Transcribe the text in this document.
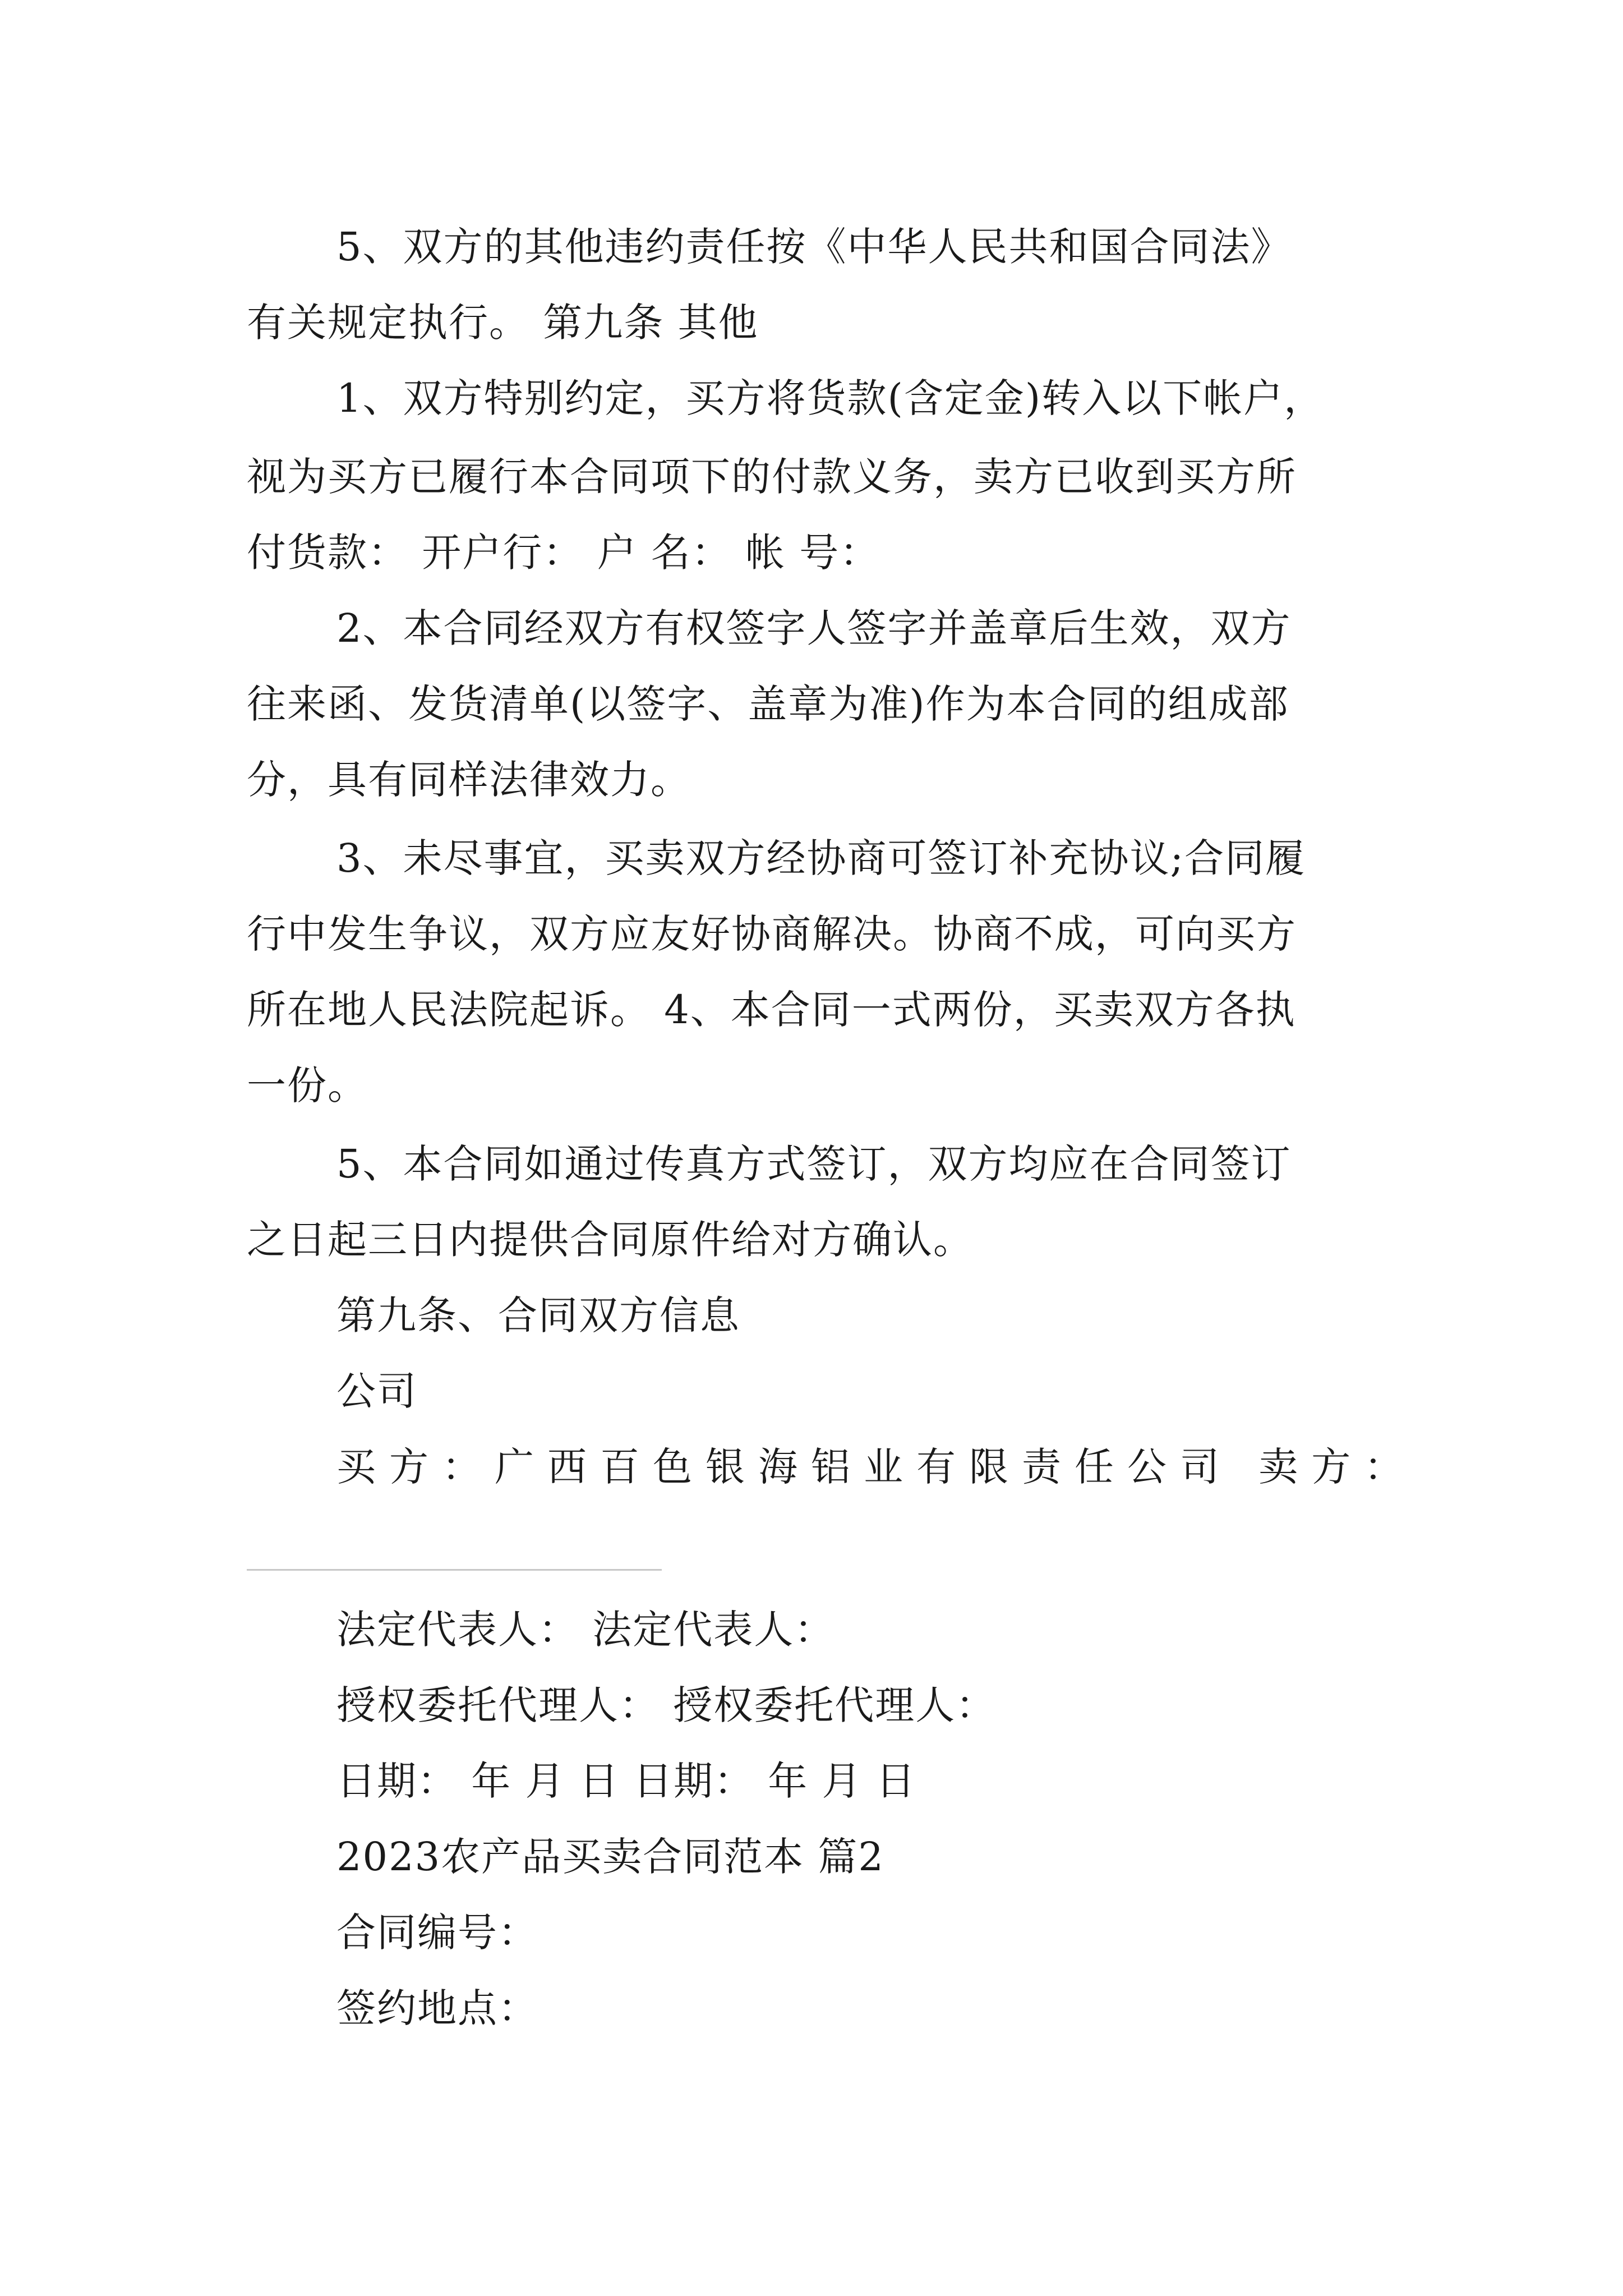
5、双方的其他违约责任按《中华人民共和国合同法》
有关规定执行。 第九条 其他
1、双方特别约定，买方将货款(含定金)转入以下帐户，
视为买方已履行本合同项下的付款义务，卖方已收到买方所
付货款： 开户行： 户 名： 帐 号：
2、本合同经双方有权签字人签字并盖章后生效，双方
往来函、发货清单(以签字、盖章为准)作为本合同的组成部
分，具有同样法律效力。
3、未尽事宜，买卖双方经协商可签订补充协议;合同履
行中发生争议，双方应友好协商解决。协商不成，可向买方
所在地人民法院起诉。 4、本合同一式两份，买卖双方各执
一份。
5、本合同如通过传真方式签订，双方均应在合同签订
之日起三日内提供合同原件给对方确认。
第九条、合同双方信息
公司
买方：广西百色银海铝业有限责任公司 卖方：
法定代表人： 法定代表人：
授权委托代理人： 授权委托代理人：
日期： 年 月 日 日期： 年 月 日
2023农产品买卖合同范本 篇2
合同编号：
签约地点：
